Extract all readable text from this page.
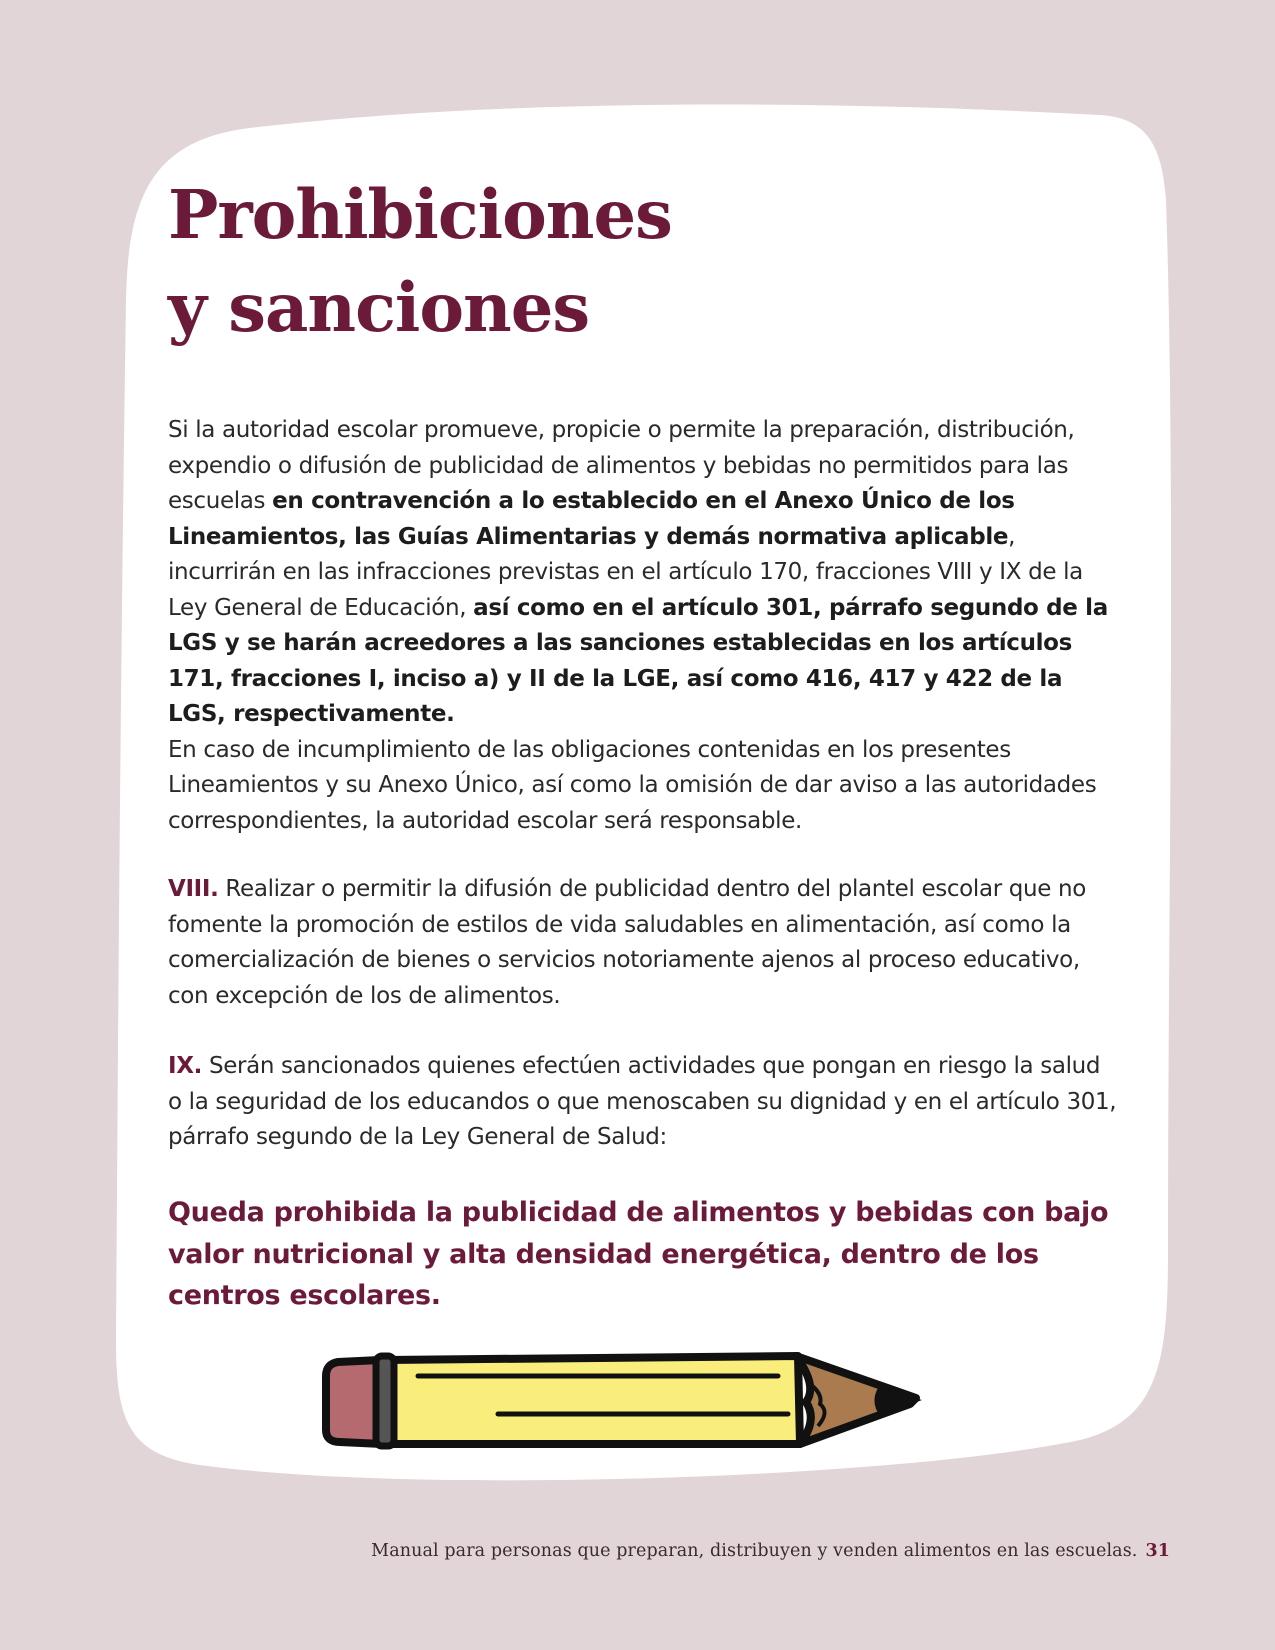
Prohibiciones
y sanciones

Si la autoridad escolar promueve, propicie o permite la preparación, distribución, expendio o difusión de publicidad de alimentos y bebidas no permitidos para las escuelas en contravención a lo establecido en el Anexo Único de los Lineamientos, las Guías Alimentarias y demás normativa aplicable, incurrirán en las infracciones previstas en el artículo 170, fracciones VIII y IX de la Ley General de Educación, así como en el artículo 301, párrafo segundo de la LGS y se harán acreedores a las sanciones establecidas en los artículos 171, fracciones I, inciso a) y II de la LGE, así como 416, 417 y 422 de la LGS, respectivamente.
En caso de incumplimiento de las obligaciones contenidas en los presentes Lineamientos y su Anexo Único, así como la omisión de dar aviso a las autoridades correspondientes, la autoridad escolar será responsable.

VIII. Realizar o permitir la difusión de publicidad dentro del plantel escolar que no fomente la promoción de estilos de vida saludables en alimentación, así como la comercialización de bienes o servicios notoriamente ajenos al proceso educativo, con excepción de los de alimentos.

IX. Serán sancionados quienes efectúen actividades que pongan en riesgo la salud o la seguridad de los educandos o que menoscaben su dignidad y en el artículo 301, párrafo segundo de la Ley General de Salud:

Queda prohibida la publicidad de alimentos y bebidas con bajo valor nutricional y alta densidad energética, dentro de los centros escolares.

Manual para personas que preparan, distribuyen y venden alimentos en las escuelas. 31
